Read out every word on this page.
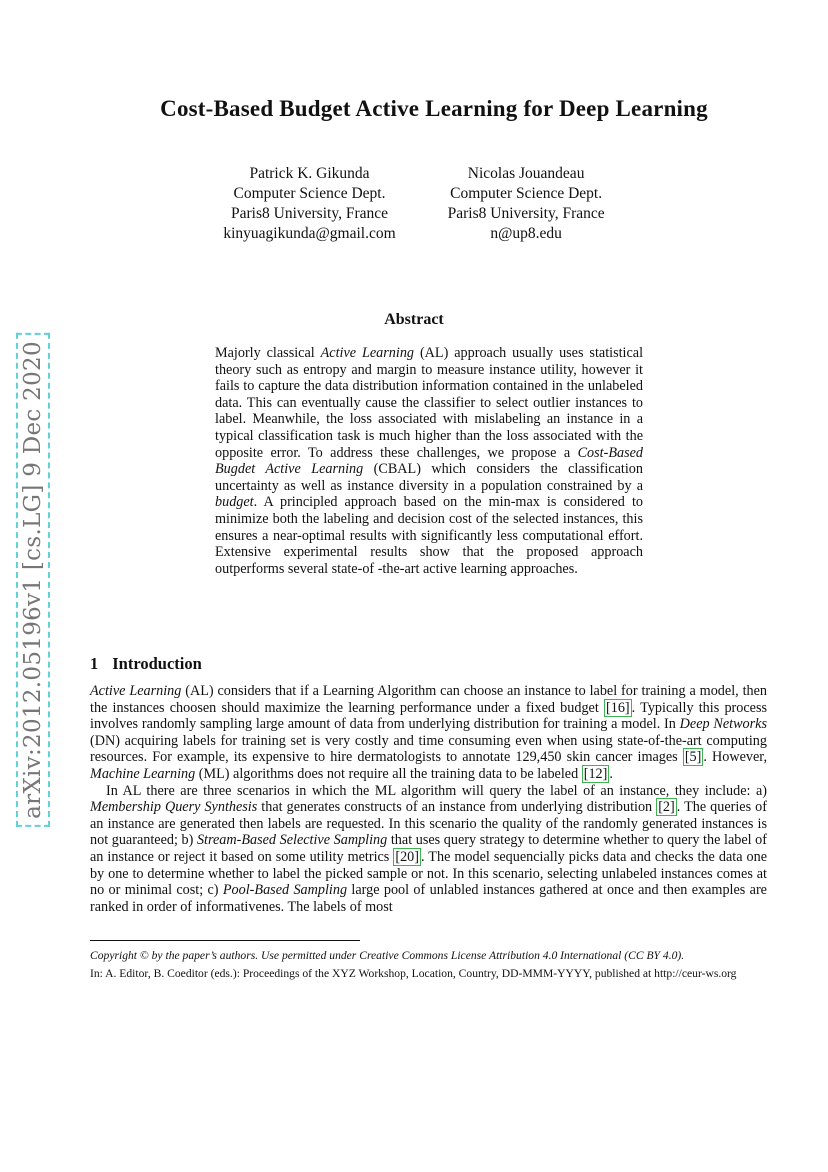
arXiv:2012.05196v1 [cs.LG] 9 Dec 2020
Cost-Based Budget Active Learning for Deep Learning
Patrick K. Gikunda
Computer Science Dept.
Paris8 University, France
kinyuagikunda@gmail.com
Nicolas Jouandeau
Computer Science Dept.
Paris8 University, France
n@up8.edu
Abstract

Majorly classical Active Learning (AL) approach usually uses statistical theory such as entropy and margin to measure instance utility, however it fails to capture the data distribution information contained in the unlabeled data. This can eventually cause the classifier to select outlier instances to label. Meanwhile, the loss associated with mislabeling an instance in a typical classification task is much higher than the loss associated with the opposite error. To address these challenges, we propose a Cost-Based Bugdet Active Learning (CBAL) which considers the classification uncertainty as well as instance diversity in a population constrained by a budget. A principled approach based on the min-max is considered to minimize both the labeling and decision cost of the selected instances, this ensures a near-optimal results with significantly less computational effort. Extensive experimental results show that the proposed approach outperforms several state-of -the-art active learning approaches.

1 Introduction

Active Learning (AL) considers that if a Learning Algorithm can choose an instance to label for training a model, then the instances choosen should maximize the learning performance under a fixed budget [16] . Typically this process involves randomly sampling large amount of data from underlying distribution for training a model. In Deep Networks (DN) acquiring labels for training set is very costly and time consuming even when using state-of-the-art computing resources. For example, its expensive to hire dermatologists to annotate 129,450 skin cancer images [5] . However, Machine Learning (ML) algorithms does not require all the training data to be labeled [12] .

In AL there are three scenarios in which the ML algorithm will query the label of an instance, they include: a) Membership Query Synthesis that generates constructs of an instance from underlying distribution [2] . The queries of an instance are generated then labels are requested. In this scenario the quality of the randomly generated instances is not guaranteed; b) Stream-Based Selective Sampling that uses query strategy to determine whether to query the label of an instance or reject it based on some utility metrics [20] . The model sequencially picks data and checks the data one by one to determine whether to label the picked sample or not. In this scenario, selecting unlabeled instances comes at no or minimal cost; c) Pool-Based Sampling large pool of unlabled instances gathered at once and then examples are ranked in order of informativenes. The labels of most

Copyright © by the paper’s authors. Use permitted under Creative Commons License Attribution 4.0 International (CC BY 4.0).

In: A. Editor, B. Coeditor (eds.): Proceedings of the XYZ Workshop, Location, Country, DD-MMM-YYYY, published at http://ceur-ws.org
